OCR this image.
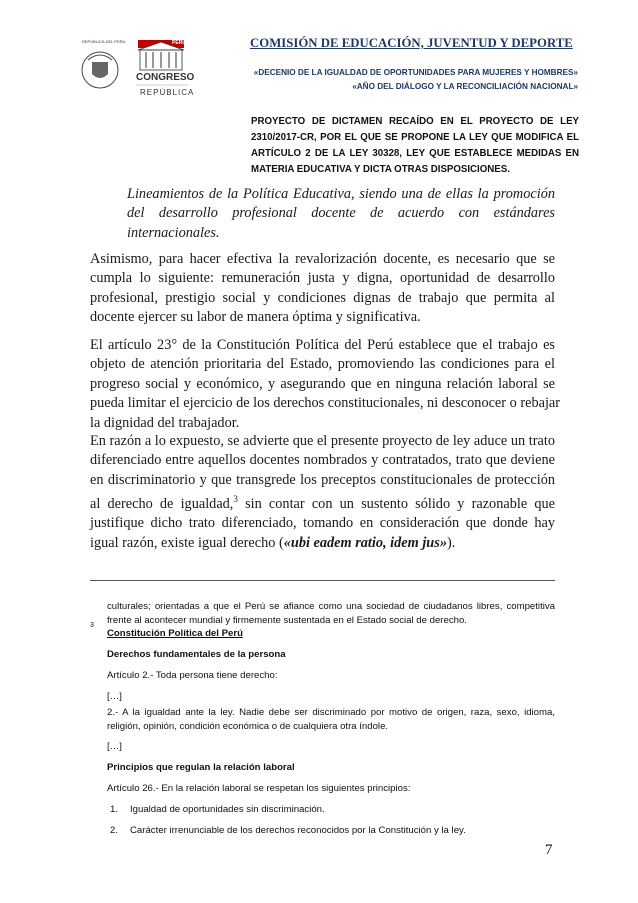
REPÚBLICA DEL PERÚ	PERÚ
CONGRESO
REPÚBLICA
COMISIÓN DE EDUCACIÓN, JUVENTUD Y DEPORTE
«DECENIO DE LA IGUALDAD DE OPORTUNIDADES PARA MUJERES Y HOMBRES»
«AÑO DEL DIÁLOGO Y LA RECONCILIACIÓN NACIONAL»
PROYECTO DE DICTAMEN RECAÍDO EN EL PROYECTO DE LEY
2310/2017-CR, POR EL QUE SE PROPONE LA LEY QUE MODIFICA EL
ARTÍCULO 2 DE LA LEY 30328, LEY QUE ESTABLECE MEDIDAS EN
MATERIA EDUCATIVA Y DICTA OTRAS DISPOSICIONES.
Lineamientos de la Política Educativa, siendo una de ellas la promoción
del desarrollo profesional docente de acuerdo con estándares
internacionales.
Asimismo, para hacer efectiva la revalorización docente, es necesario que se
cumpla lo siguiente: remuneración justa y digna, oportunidad de desarrollo
profesional, prestigio social y condiciones dignas de trabajo que permita al
docente ejercer su labor de manera óptima y significativa.
El artículo 23° de la Constitución Política del Perú establece que el trabajo es
objeto de atención prioritaria del Estado, promoviendo las condiciones para el
progreso social y económico, y asegurando que en ninguna relación laboral se
pueda limitar el ejercicio de los derechos constitucionales, ni desconocer o rebajar
la dignidad del trabajador.
En razón a lo expuesto, se advierte que el presente proyecto de ley aduce un trato
diferenciado entre aquellos docentes nombrados y contratados, trato que deviene
en discriminatorio y que transgrede los preceptos constitucionales de protección
al derecho de igualdad,$^3$ sin contar con un sustento sólido y razonable que
justifique dicho trato diferenciado, tomando en consideración que donde hay
igual razón, existe igual derecho («ubi eadem ratio, idem jus»).
culturales; orientadas a que el Perú se afiance como una sociedad de ciudadanos libres, competitiva
frente al acontecer mundial y firmemente sustentada en el Estado social de derecho.
3
Constitución Política del Perú
Derechos fundamentales de la persona
Artículo 2.- Toda persona tiene derecho:
[…]
2.- A la igualdad ante la ley. Nadie debe ser discriminado por motivo de origen, raza, sexo, idioma,
religión, opinión, condición económica o de cualquiera otra índole.
[…]
Principios que regulan la relación laboral
Artículo 26.- En la relación laboral se respetan los siguientes principios:
1.	Igualdad de oportunidades sin discriminación.
2.	Carácter irrenunciable de los derechos reconocidos por la Constitución y la ley.
7
